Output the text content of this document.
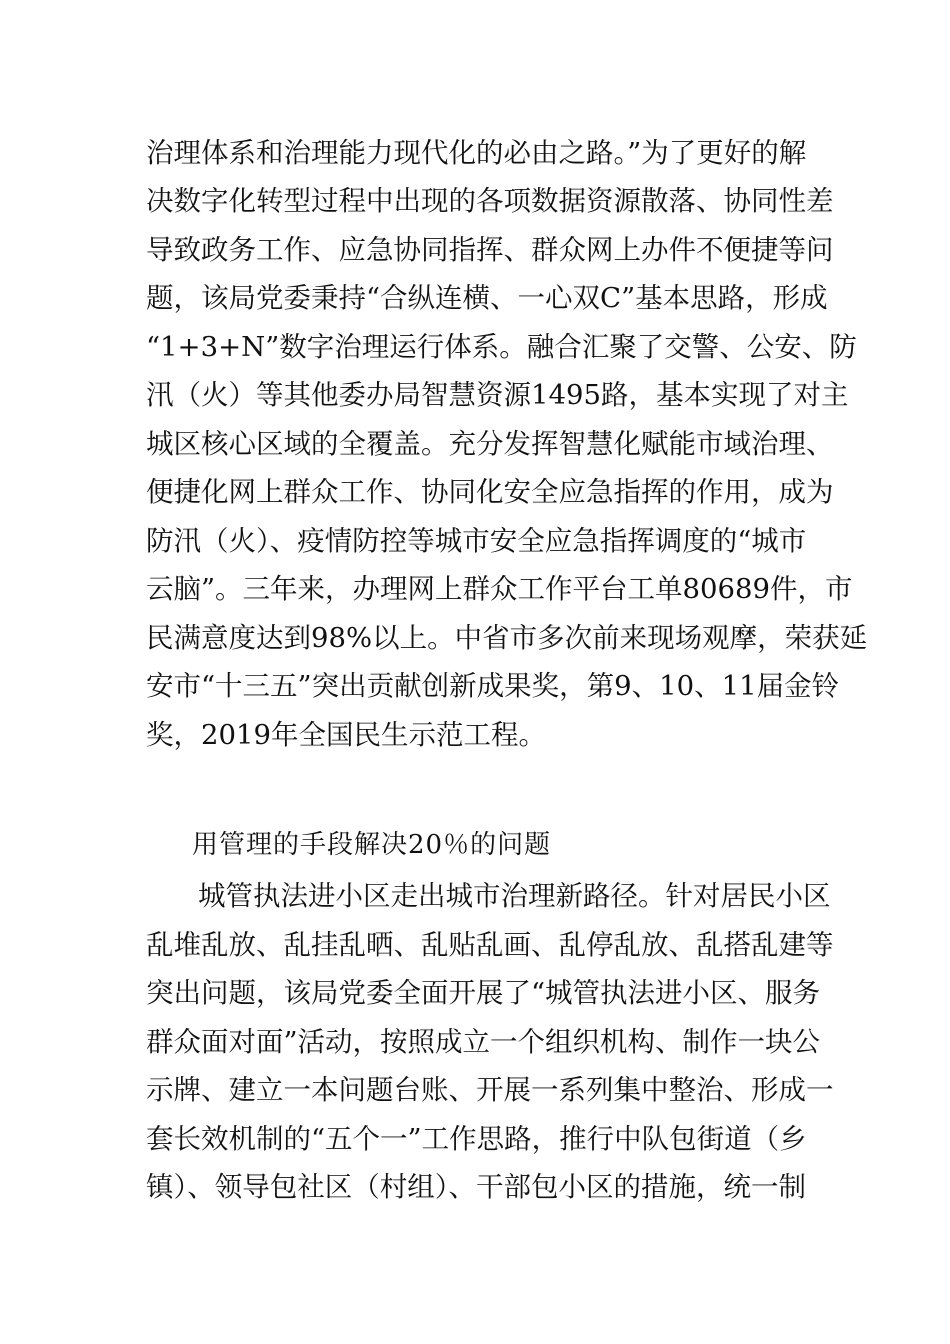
治理体系和治理能力现代化的必由之路。”为了更好的解
决数字化转型过程中出现的各项数据资源散落、协同性差
导致政务工作、应急协同指挥、群众网上办件不便捷等问
题，该局党委秉持“合纵连横、一心双C”基本思路，形成
“1+3+N”数字治理运行体系。融合汇聚了交警、公安、防
汛（火）等其他委办局智慧资源1495路，基本实现了对主
城区核心区域的全覆盖。充分发挥智慧化赋能市域治理、
便捷化网上群众工作、协同化安全应急指挥的作用，成为
防汛（火）、疫情防控等城市安全应急指挥调度的“城市
云脑”。三年来，办理网上群众工作平台工单80689件，市
民满意度达到98%以上。中省市多次前来现场观摩，荣获延
安市“十三五”突出贡献创新成果奖，第9、10、11届金铃
奖，2019年全国民生示范工程。
用管理的手段解决20％的问题
城管执法进小区走出城市治理新路径。针对居民小区
乱堆乱放、乱挂乱晒、乱贴乱画、乱停乱放、乱搭乱建等
突出问题，该局党委全面开展了“城管执法进小区、服务
群众面对面”活动，按照成立一个组织机构、制作一块公
示牌、建立一本问题台账、开展一系列集中整治、形成一
套长效机制的“五个一”工作思路，推行中队包街道（乡
镇）、领导包社区（村组）、干部包小区的措施，统一制
